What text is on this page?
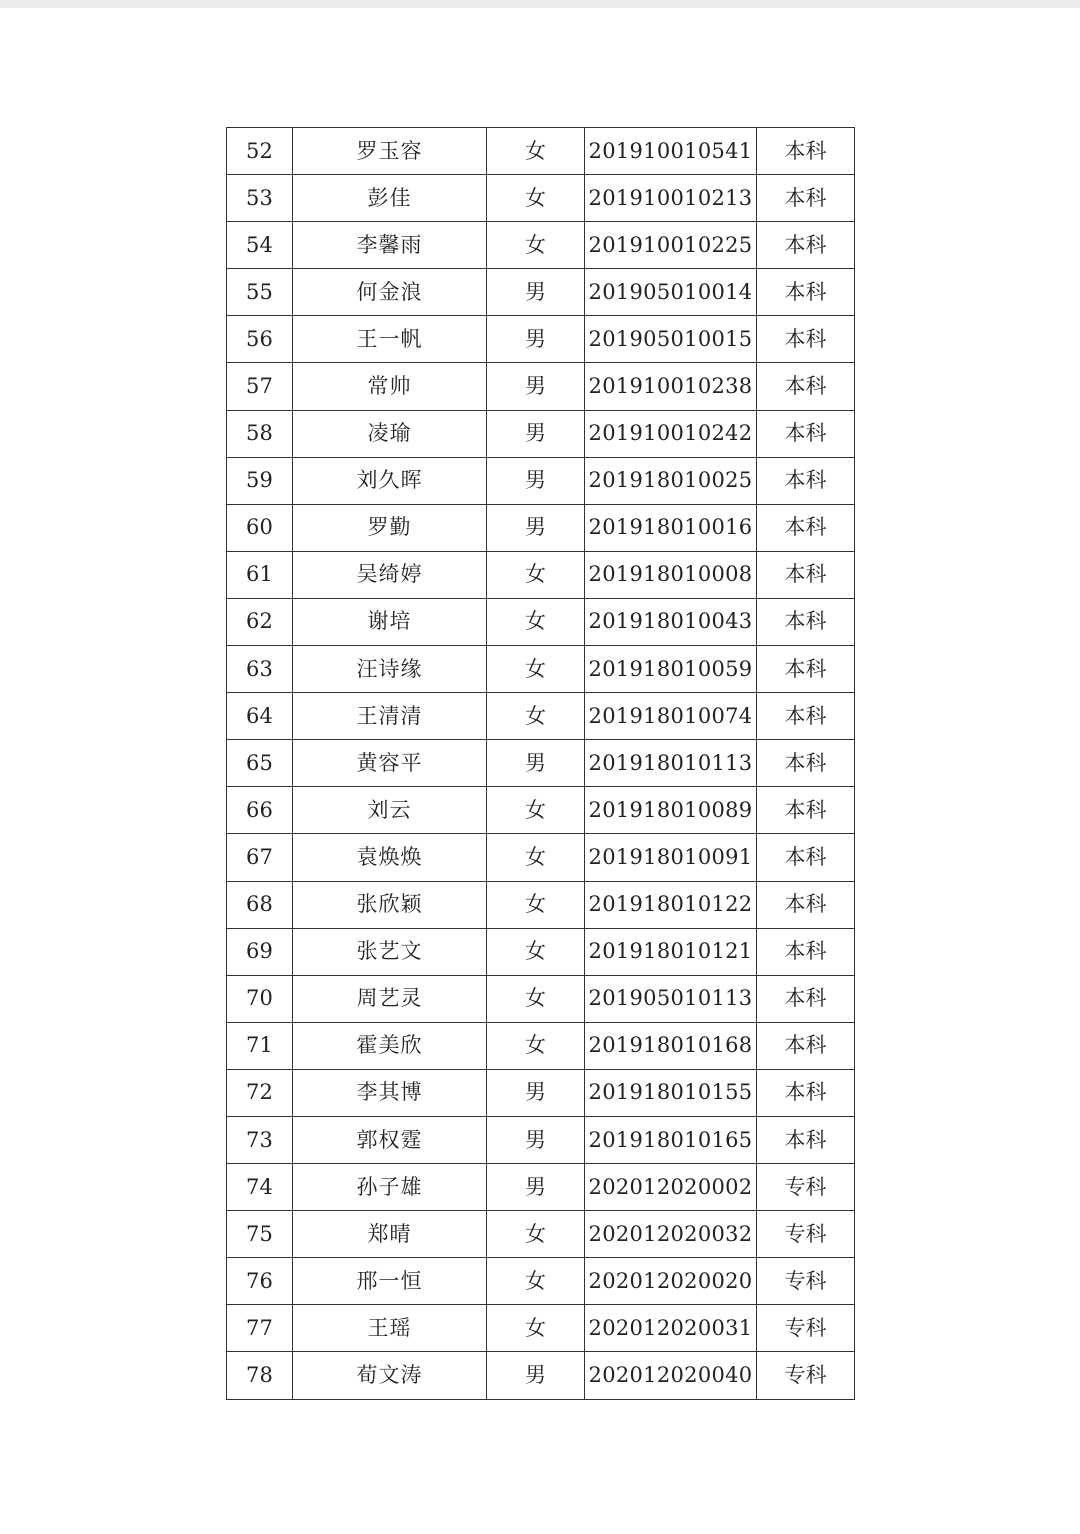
52	罗玉容	女	201910010541	本科
53	彭佳	女	201910010213	本科
54	李馨雨	女	201910010225	本科
55	何金浪	男	201905010014	本科
56	王一帆	男	201905010015	本科
57	常帅	男	201910010238	本科
58	凌瑜	男	201910010242	本科
59	刘久晖	男	201918010025	本科
60	罗勤	男	201918010016	本科
61	吴绮婷	女	201918010008	本科
62	谢培	女	201918010043	本科
63	汪诗缘	女	201918010059	本科
64	王清清	女	201918010074	本科
65	黄容平	男	201918010113	本科
66	刘云	女	201918010089	本科
67	袁焕焕	女	201918010091	本科
68	张欣颖	女	201918010122	本科
69	张艺文	女	201918010121	本科
70	周艺灵	女	201905010113	本科
71	霍美欣	女	201918010168	本科
72	李其博	男	201918010155	本科
73	郭权霆	男	201918010165	本科
74	孙子雄	男	202012020002	专科
75	郑晴	女	202012020032	专科
76	邢一恒	女	202012020020	专科
77	王瑶	女	202012020031	专科
78	荀文涛	男	202012020040	专科
